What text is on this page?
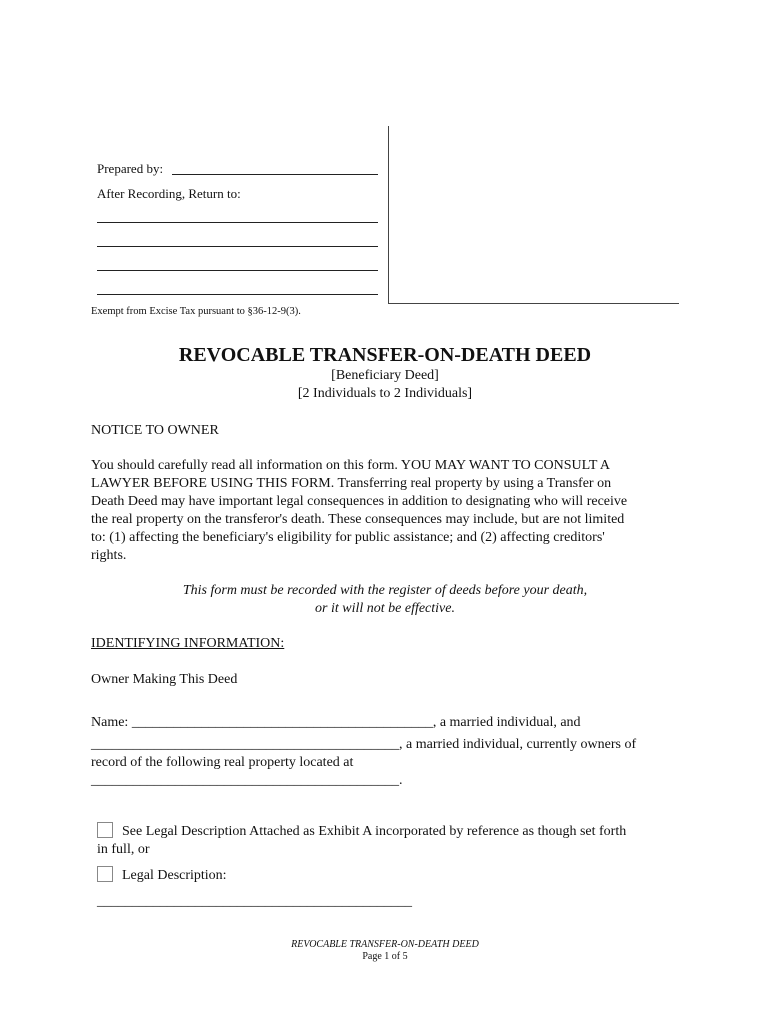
Prepared by:
After Recording, Return to:
Exempt from Excise Tax pursuant to §36-12-9(3).
REVOCABLE TRANSFER-ON-DEATH DEED
[Beneficiary Deed]
[2 Individuals to 2 Individuals]
NOTICE TO OWNER
You should carefully read all information on this form. YOU MAY WANT TO CONSULT A
LAWYER BEFORE USING THIS FORM. Transferring real property by using a Transfer on
Death Deed may have important legal consequences in addition to designating who will receive
the real property on the transferor's death. These consequences may include, but are not limited
to: (1) affecting the beneficiary's eligibility for public assistance; and (2) affecting creditors'
rights.
This form must be recorded with the register of deeds before your death,
or it will not be effective.
IDENTIFYING INFORMATION:
Owner Making This Deed
Name: ___________________________________________, a married individual, and
____________________________________________, a married individual, currently owners of
record of the following real property located at
____________________________________________.
See Legal Description Attached as Exhibit A incorporated by reference as though set forth
in full, or
Legal Description:
_____________________________________________
REVOCABLE TRANSFER-ON-DEATH DEED
Page 1 of 5
